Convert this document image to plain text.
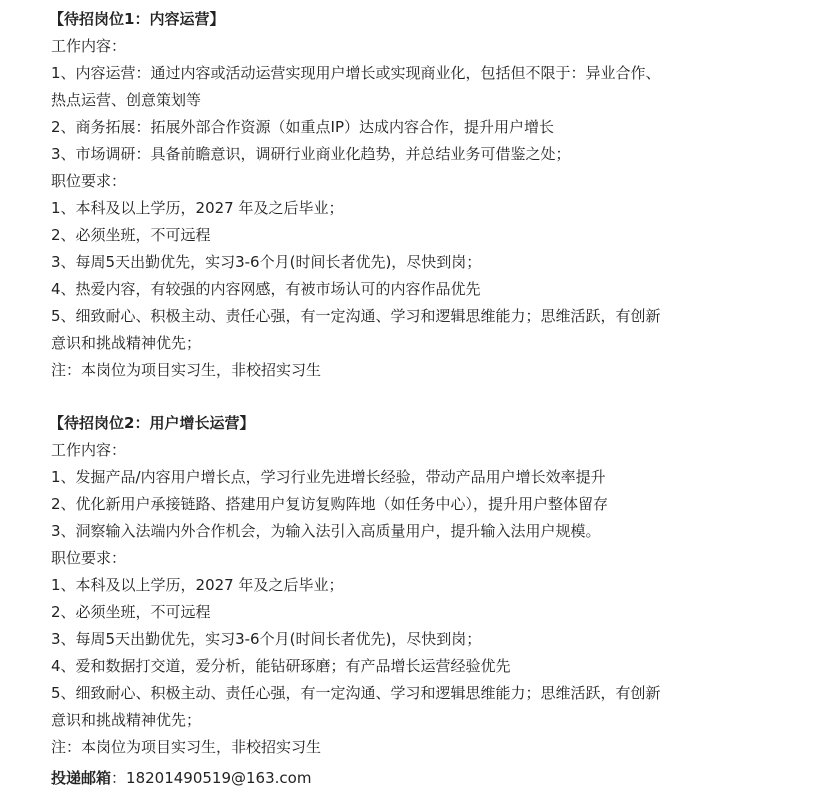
【待招岗位1：内容运营】
工作内容：
1、内容运营：通过内容或活动运营实现用户增长或实现商业化，包括但不限于：异业合作、
热点运营、创意策划等
2、商务拓展：拓展外部合作资源（如重点IP）达成内容合作，提升用户增长
3、市场调研：具备前瞻意识，调研行业商业化趋势，并总结业务可借鉴之处；
职位要求：
1、本科及以上学历，2027 年及之后毕业；
2、必须坐班，不可远程
3、每周5天出勤优先，实习3-6个月(时间长者优先)，尽快到岗；
4、热爱内容，有较强的内容网感，有被市场认可的内容作品优先
5、细致耐心、积极主动、责任心强，有一定沟通、学习和逻辑思维能力；思维活跃，有创新
意识和挑战精神优先；
注：本岗位为项目实习生，非校招实习生
【待招岗位2：用户增长运营】
工作内容：
1、发掘产品/内容用户增长点，学习行业先进增长经验，带动产品用户增长效率提升
2、优化新用户承接链路、搭建用户复访复购阵地（如任务中心），提升用户整体留存
3、洞察输入法端内外合作机会，为输入法引入高质量用户，提升输入法用户规模。
职位要求：
1、本科及以上学历，2027 年及之后毕业；
2、必须坐班，不可远程
3、每周5天出勤优先，实习3-6个月(时间长者优先)，尽快到岗；
4、爱和数据打交道，爱分析，能钻研琢磨；有产品增长运营经验优先
5、细致耐心、积极主动、责任心强，有一定沟通、学习和逻辑思维能力；思维活跃，有创新
意识和挑战精神优先；
注：本岗位为项目实习生，非校招实习生
投递邮箱：18201490519@163.com
